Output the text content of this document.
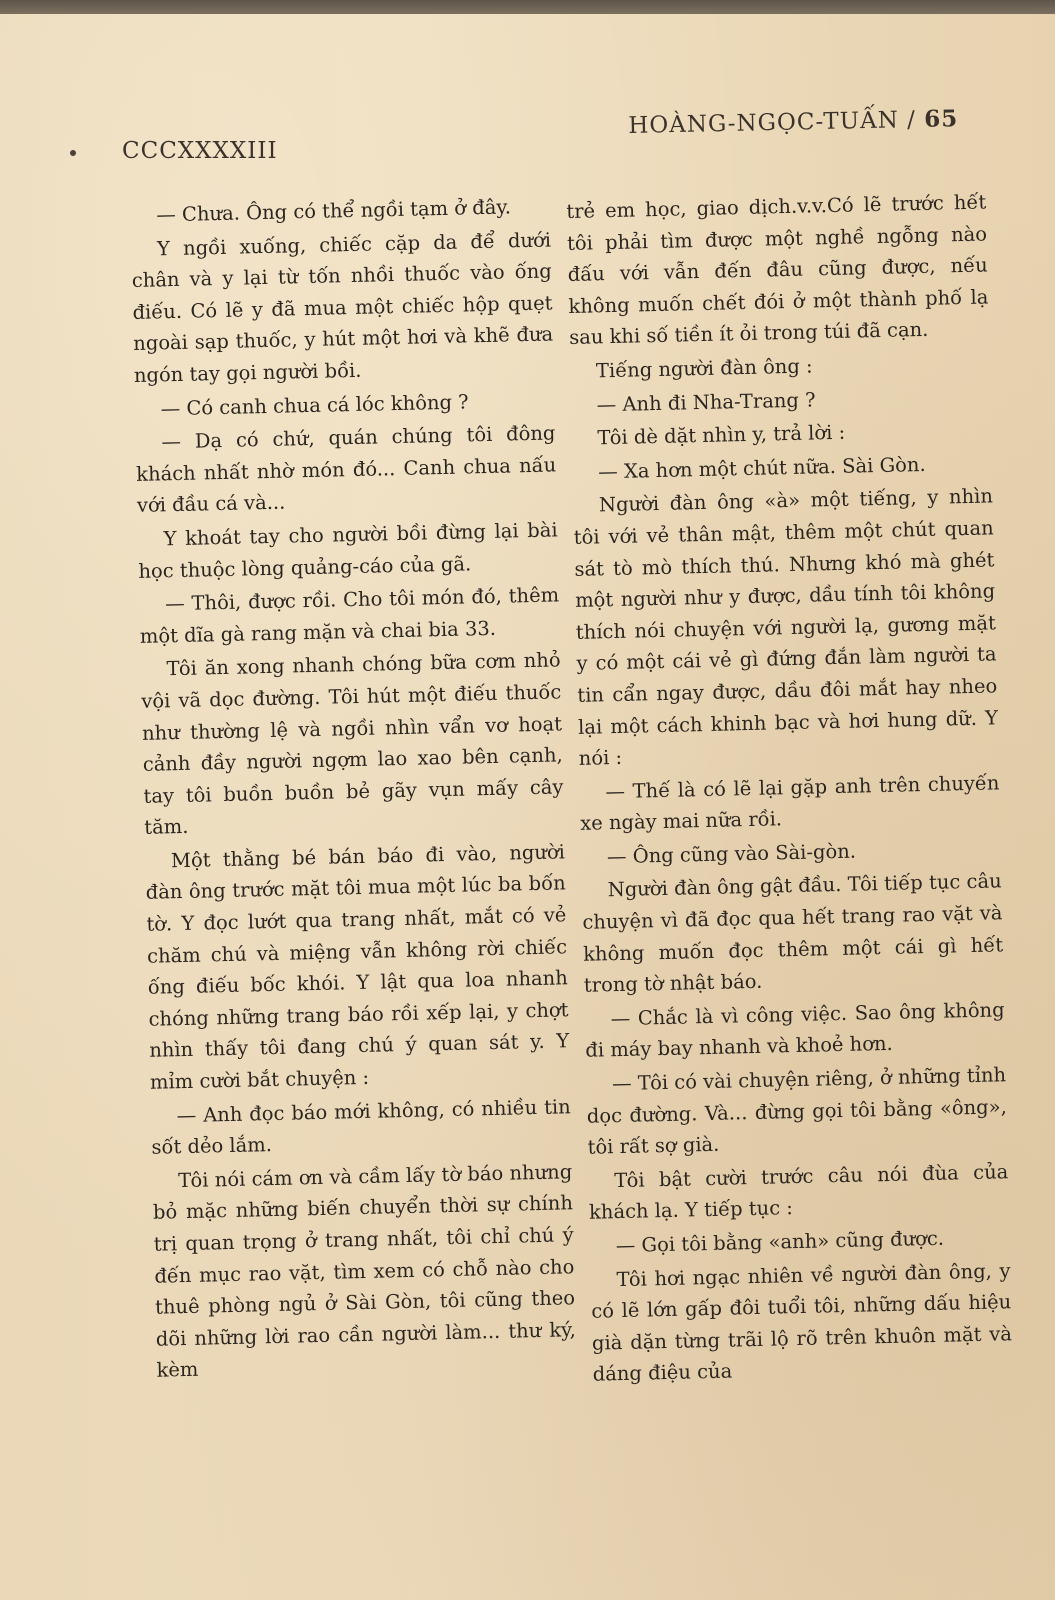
CCCXXXXIII
HOÀNG-NGỌC-TUẤN / 65

— Chưa. Ông có thể ngồi tạm ở đây.

Y ngồi xuống, chiếc cặp da để dưới chân và y lại từ tốn nhồi thuốc vào ống điếu. Có lẽ y đã mua một chiếc hộp quẹt ngoài sạp thuốc, y hút một hơi và khẽ đưa ngón tay gọi người bồi.

— Có canh chua cá lóc không ?

— Dạ có chứ, quán chúng tôi đông khách nhất nhờ món đó... Canh chua nấu với đầu cá và...

Y khoát tay cho người bồi đừng lại bài học thuộc lòng quảng-cáo của gã.

— Thôi, được rồi. Cho tôi món đó, thêm một dĩa gà rang mặn và chai bia 33.

Tôi ăn xong nhanh chóng bữa cơm nhỏ vội vã dọc đường. Tôi hút một điếu thuốc như thường lệ và ngồi nhìn vẩn vơ hoạt cảnh đầy người ngợm lao xao bên cạnh, tay tôi buồn buồn bẻ gãy vụn mấy cây tăm.

Một thằng bé bán báo đi vào, người đàn ông trước mặt tôi mua một lúc ba bốn tờ. Y đọc lướt qua trang nhất, mắt có vẻ chăm chú và miệng vẫn không rời chiếc ống điếu bốc khói. Y lật qua loa nhanh chóng những trang báo rồi xếp lại, y chợt nhìn thấy tôi đang chú ý quan sát y. Y mỉm cười bắt chuyện :

— Anh đọc báo mới không, có nhiều tin sốt dẻo lắm.

Tôi nói cám ơn và cầm lấy tờ báo nhưng bỏ mặc những biến chuyển thời sự chính trị quan trọng ở trang nhất, tôi chỉ chú ý đến mục rao vặt, tìm xem có chỗ nào cho thuê phòng ngủ ở Sài Gòn, tôi cũng theo dõi những lời rao cần người làm... thư ký, kèm

trẻ em học, giao dịch.v.v.Có lẽ trước hết tôi phải tìm được một nghề ngỗng nào đấu với vẫn đến đâu cũng được, nếu không muốn chết đói ở một thành phố lạ sau khi số tiền ít ỏi trong túi đã cạn.

Tiếng người đàn ông :

— Anh đi Nha-Trang ?

Tôi dè dặt nhìn y, trả lời :

— Xa hơn một chút nữa. Sài Gòn.

Người đàn ông «à» một tiếng, y nhìn tôi với vẻ thân mật, thêm một chút quan sát tò mò thích thú. Nhưng khó mà ghét một người như y được, dầu tính tôi không thích nói chuyện với người lạ, gương mặt y có một cái vẻ gì đứng đắn làm người ta tin cẩn ngay được, dầu đôi mắt hay nheo lại một cách khinh bạc và hơi hung dữ. Y nói :

— Thế là có lẽ lại gặp anh trên chuyến xe ngày mai nữa rồi.

— Ông cũng vào Sài-gòn.

Người đàn ông gật đầu. Tôi tiếp tục câu chuyện vì đã đọc qua hết trang rao vặt và không muốn đọc thêm một cái gì hết trong tờ nhật báo.

— Chắc là vì công việc. Sao ông không đi máy bay nhanh và khoẻ hơn.

— Tôi có vài chuyện riêng, ở những tỉnh dọc đường. Và... đừng gọi tôi bằng «ông», tôi rất sợ già.

Tôi bật cười trước câu nói đùa của khách lạ. Y tiếp tục :

— Gọi tôi bằng «anh» cũng được.

Tôi hơi ngạc nhiên về người đàn ông, y có lẽ lớn gấp đôi tuổi tôi, những dấu hiệu già dặn từng trãi lộ rõ trên khuôn mặt và dáng điệu của
